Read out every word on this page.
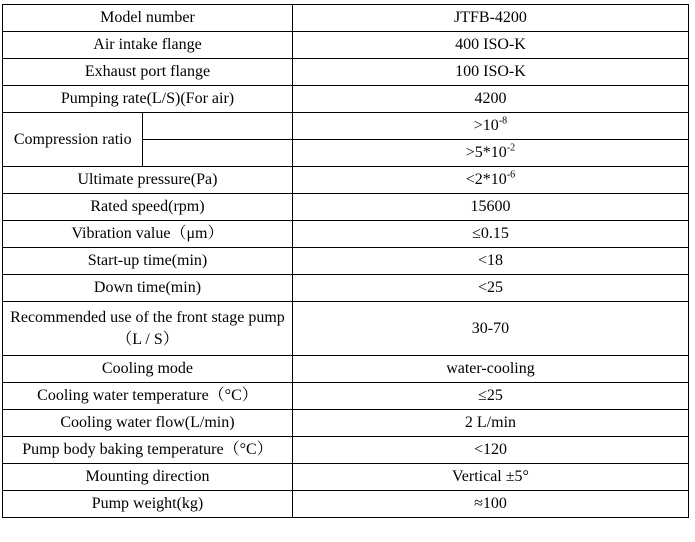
Model number		JTFB-4200
Air intake flange		400 ISO-K
Exhaust port flange		100 ISO-K
Pumping rate(L/S)(For air)		4200
Compression ratio		$>10^{-8}$
		$>5*10^{-2}$
Ultimate pressure(Pa)		$<2*10^{-6}$
Rated speed(rpm)		15600
Vibration value（μm）		≤0.15
Start-up time(min)		<18
Down time(min)		<25
Recommended use of the front stage pump（L / S）		30-70
Cooling mode		water-cooling
Cooling water temperature（°C）		≤25
Cooling water flow(L/min)		2 L/min
Pump body baking temperature（°C）		<120
Mounting direction		Vertical ±5°
Pump weight(kg)		≈100
